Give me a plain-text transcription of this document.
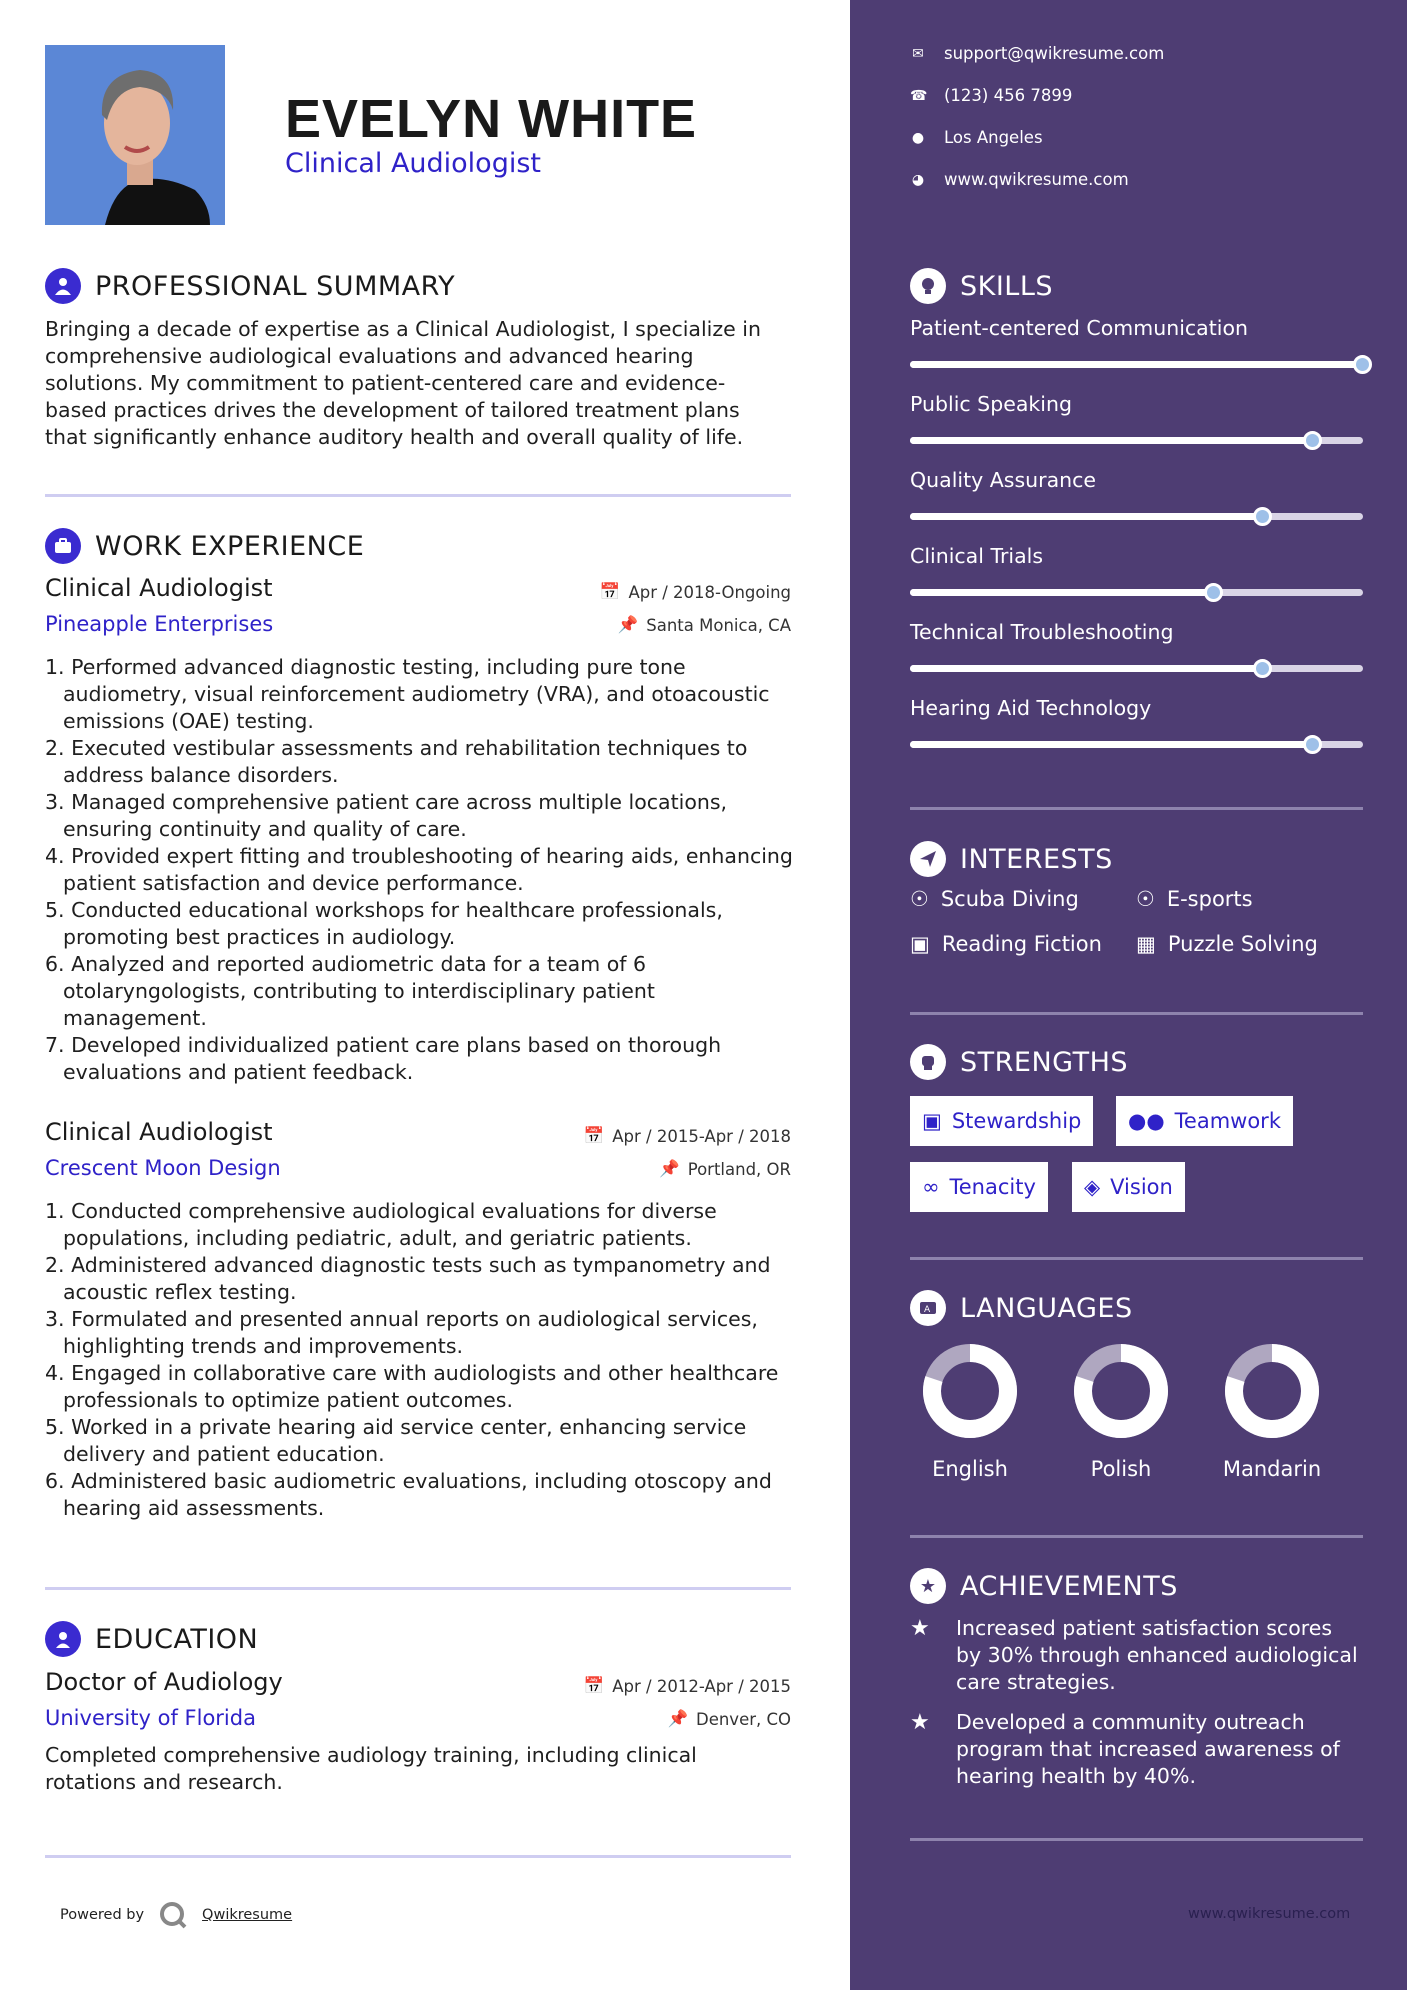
EVELYN WHITE
Clinical Audiologist
PROFESSIONAL SUMMARY
Bringing a decade of expertise as a Clinical Audiologist, I specialize in comprehensive audiological evaluations and advanced hearing solutions. My commitment to patient-centered care and evidence-based practices drives the development of tailored treatment plans that significantly enhance auditory health and overall quality of life.
WORK EXPERIENCE
Clinical Audiologist
Pineapple Enterprises
📅 Apr / 2018-Ongoing
📌 Santa Monica, CA
1. Performed advanced diagnostic testing, including pure tone audiometry, visual reinforcement audiometry (VRA), and otoacoustic emissions (OAE) testing.
2. Executed vestibular assessments and rehabilitation techniques to address balance disorders.
3. Managed comprehensive patient care across multiple locations, ensuring continuity and quality of care.
4. Provided expert fitting and troubleshooting of hearing aids, enhancing patient satisfaction and device performance.
5. Conducted educational workshops for healthcare professionals, promoting best practices in audiology.
6. Analyzed and reported audiometric data for a team of 6 otolaryngologists, contributing to interdisciplinary patient management.
7. Developed individualized patient care plans based on thorough evaluations and patient feedback.
Clinical Audiologist
Crescent Moon Design
📅 Apr / 2015-Apr / 2018
📌 Portland, OR
1. Conducted comprehensive audiological evaluations for diverse populations, including pediatric, adult, and geriatric patients.
2. Administered advanced diagnostic tests such as tympanometry and acoustic reflex testing.
3. Formulated and presented annual reports on audiological services, highlighting trends and improvements.
4. Engaged in collaborative care with audiologists and other healthcare professionals to optimize patient outcomes.
5. Worked in a private hearing aid service center, enhancing service delivery and patient education.
6. Administered basic audiometric evaluations, including otoscopy and hearing aid assessments.
EDUCATION
Doctor of Audiology
University of Florida
📅 Apr / 2012-Apr / 2015
📌 Denver, CO
Completed comprehensive audiology training, including clinical rotations and research.
Powered by	Qwikresume
✉ support@qwikresume.com
☎ (123) 456 7899
● Los Angeles
◕ www.qwikresume.com
SKILLS
Patient-centered Communication
Public Speaking
Quality Assurance
Clinical Trials
Technical Troubleshooting
Hearing Aid Technology
INTERESTS
☉ Scuba Diving	☉ E-sports
▣ Reading Fiction ▦ Puzzle Solving
STRENGTHS
▣ Stewardship ●● Teamwork
∞ Tenacity ◈ Vision
A LANGUAGES
English	Polish	Mandarin
★ ACHIEVEMENTS
★	Increased patient satisfaction scores by 30% through enhanced audiological care strategies.
★	Developed a community outreach program that increased awareness of hearing health by 40%.
www.qwikresume.com
